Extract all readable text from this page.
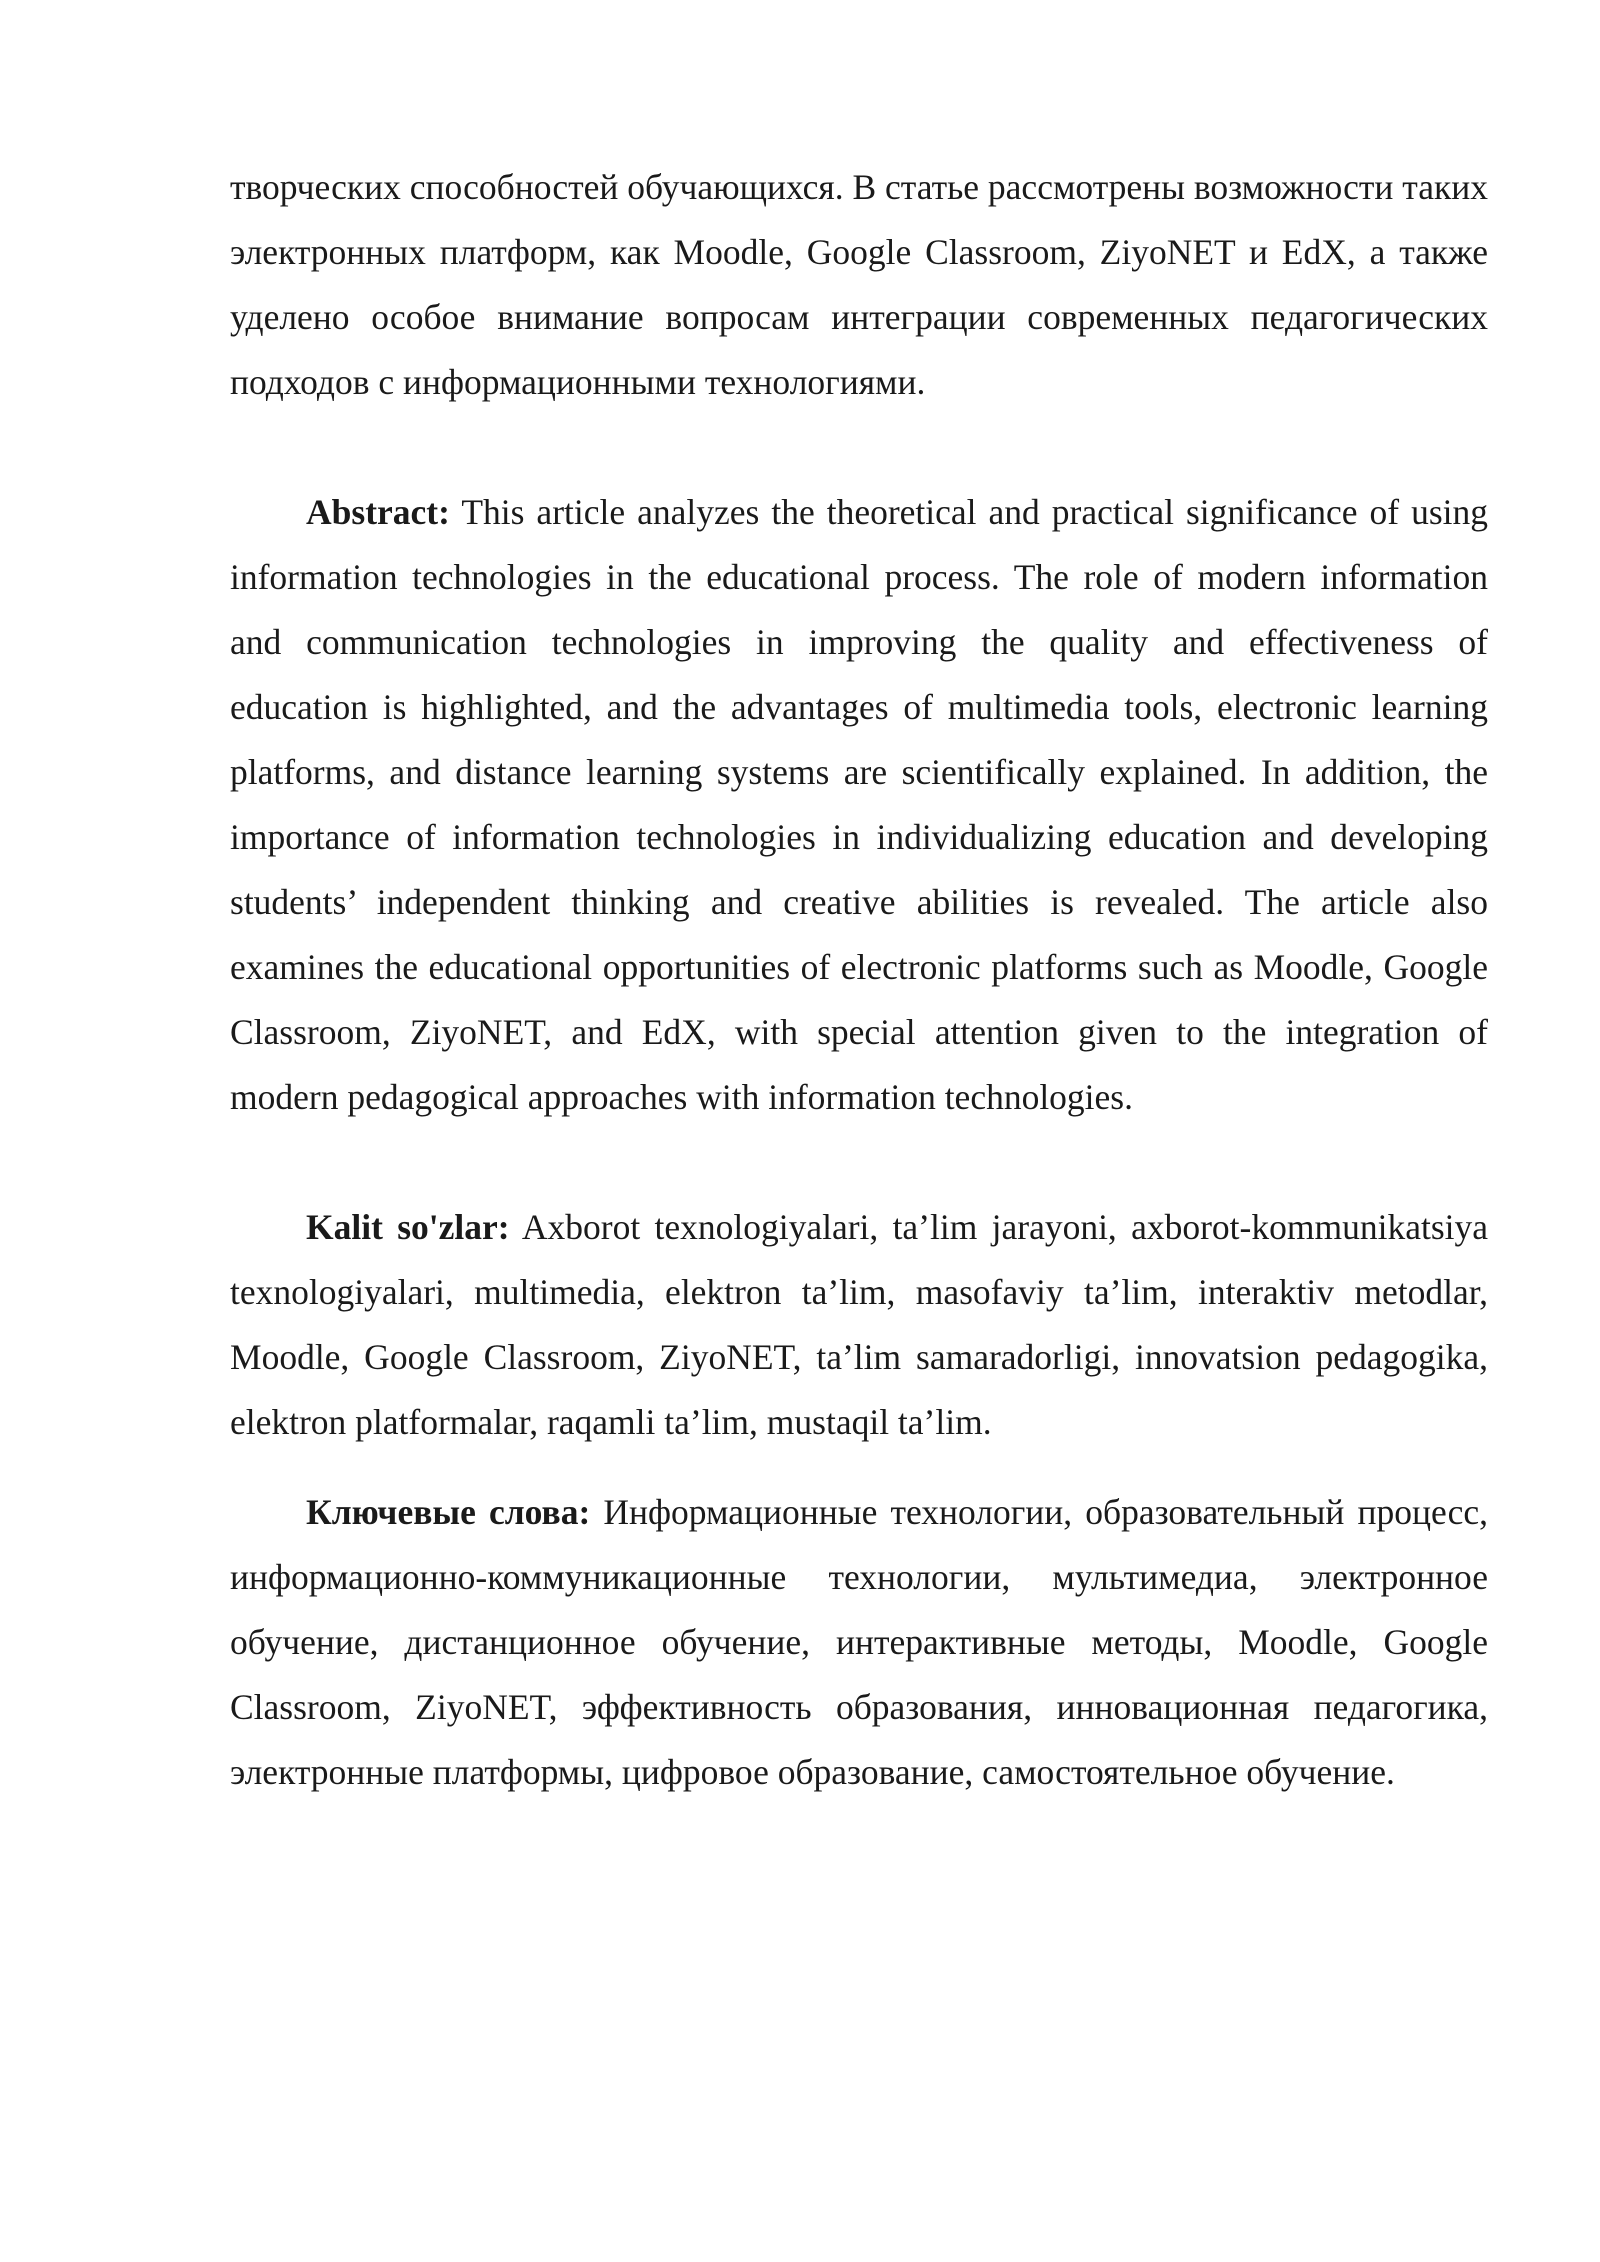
творческих способностей обучающихся. В статье рассмотрены возможности таких электронных платформ, как Moodle, Google Classroom, ZiyoNET и EdX, а также уделено особое внимание вопросам интеграции современных педагогических подходов с информационными технологиями.

Abstract: This article analyzes the theoretical and practical significance of using information technologies in the educational process. The role of modern information and communication technologies in improving the quality and effectiveness of education is highlighted, and the advantages of multimedia tools, electronic learning platforms, and distance learning systems are scientifically explained. In addition, the importance of information technologies in individualizing education and developing students’ independent thinking and creative abilities is revealed. The article also examines the educational opportunities of electronic platforms such as Moodle, Google Classroom, ZiyoNET, and EdX, with special attention given to the integration of modern pedagogical approaches with information technologies.

Kalit so'zlar: Axborot texnologiyalari, ta’lim jarayoni, axborot-kommunikatsiya texnologiyalari, multimedia, elektron ta’lim, masofaviy ta’lim, interaktiv metodlar, Moodle, Google Classroom, ZiyoNET, ta’lim samaradorligi, innovatsion pedagogika, elektron platformalar, raqamli ta’lim, mustaqil ta’lim.

Ключевые слова: Информационные технологии, образовательный процесс, информационно-коммуникационные технологии, мультимедиа, электронное обучение, дистанционное обучение, интерактивные методы, Moodle, Google Classroom, ZiyoNET, эффективность образования, инновационная педагогика, электронные платформы, цифровое образование, самостоятельное обучение.
